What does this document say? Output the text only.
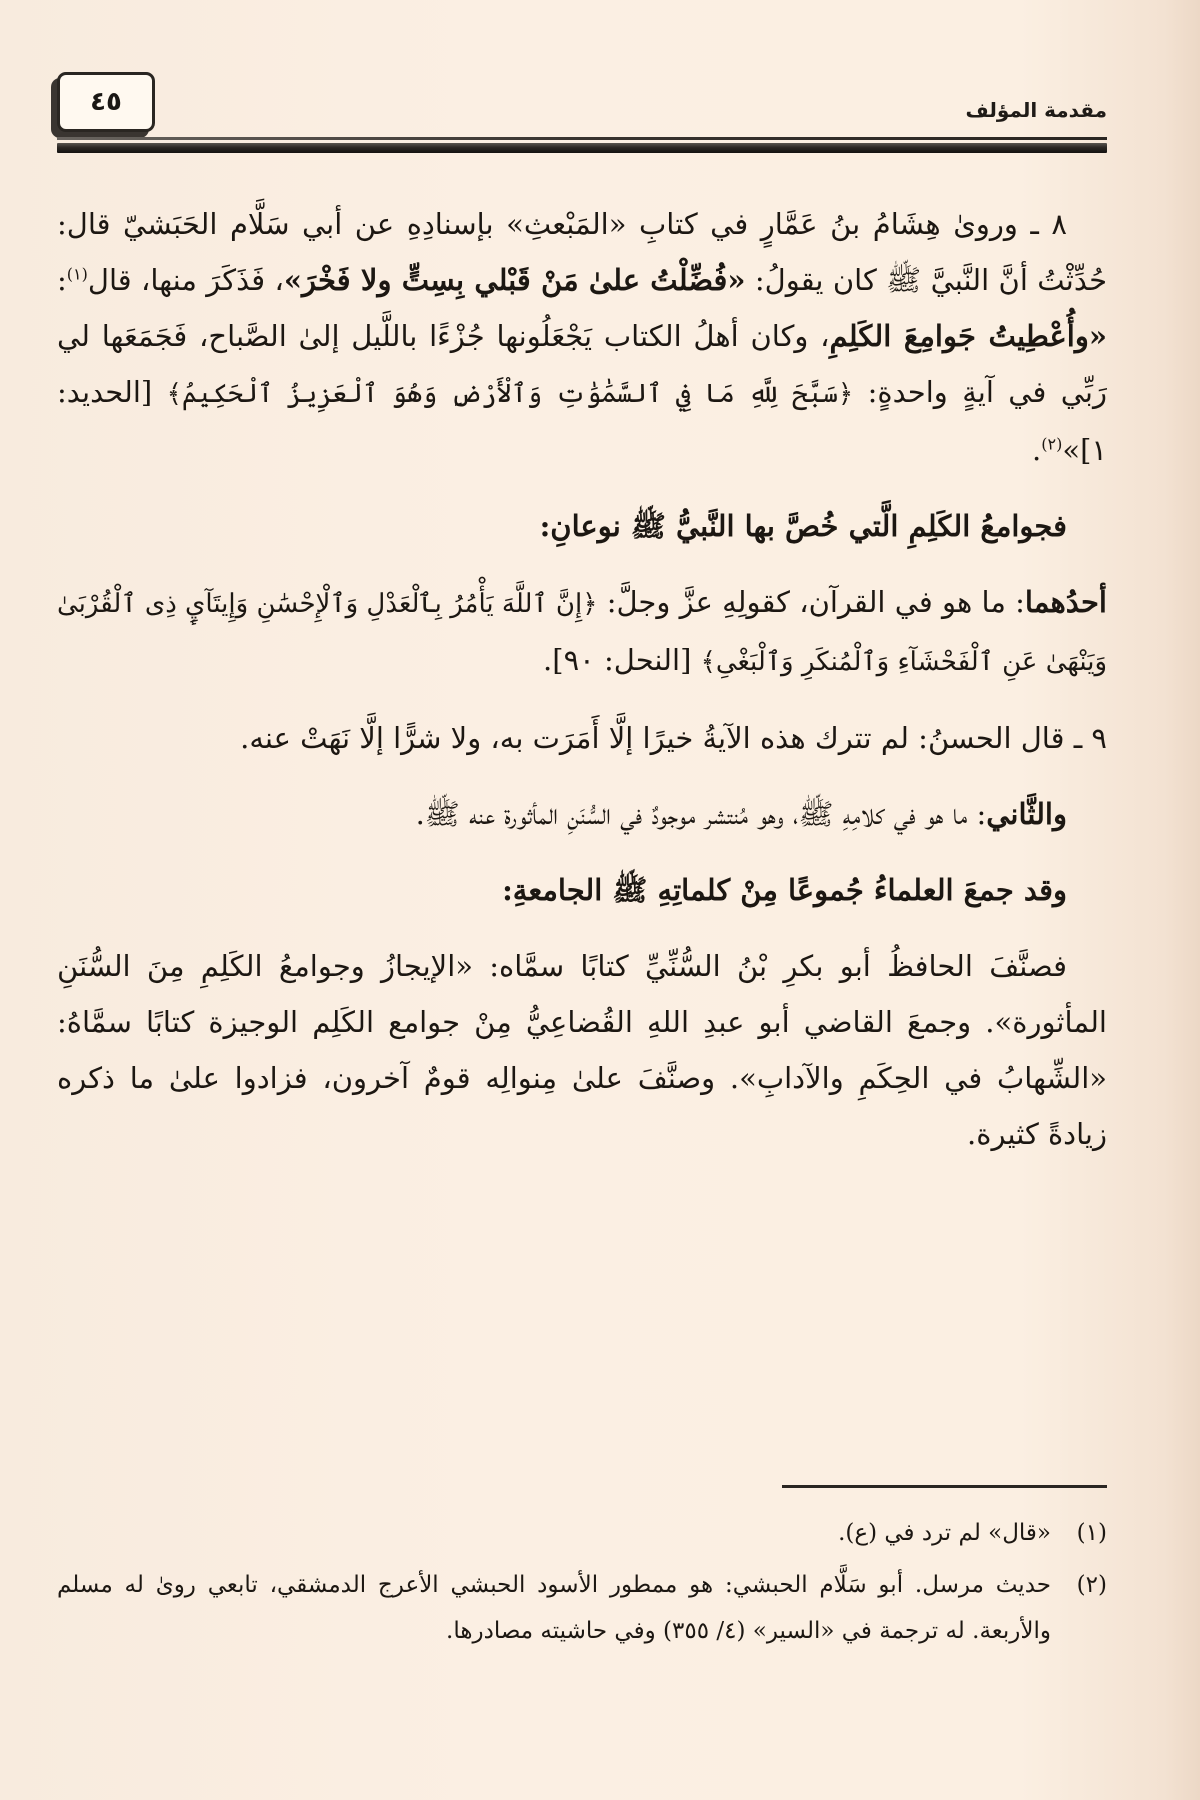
٤٥	مقدمة المؤلف

٨ ـ وروىٰ هِشَامُ بنُ عَمَّارٍ في كتابِ «المَبْعثِ» بإسنادِهِ عن أبي سَلَّام الحَبَشيّ قال: حُدِّثْتُ أنَّ النَّبيَّ ﷺ كان يقولُ: «فُضِّلْتُ علىٰ مَنْ قَبْلي بِسِتٍّ ولا فَخْرَ»، فَذَكَرَ منها، قال$^{(١)}$: «وأُعْطِيتُ جَوامِعَ الكَلِمِ، وكان أهلُ الكتاب يَجْعَلُونها جُزْءًا باللَّيل إلىٰ الصَّباح، فَجَمَعَها لي رَبِّي في آيةٍ واحدةٍ: ﴿سَبَّحَ لِلَّهِ مَا فِي ٱلسَّمَٰوَٰتِ وَٱلْأَرْضِ وَهُوَ ٱلْعَزِيزُ ٱلْحَكِيمُ﴾ [الحديد: ١]»$^{(٢)}$.

فجوامعُ الكَلِمِ الَّتي خُصَّ بها النَّبيُّ ﷺ نوعانِ:

أحدُهما: ما هو في القرآن، كقولِهِ عزَّ وجلَّ: ﴿إِنَّ ٱللَّهَ يَأْمُرُ بِٱلْعَدْلِ وَٱلْإِحْسَٰنِ وَإِيتَآيِٕ ذِى ٱلْقُرْبَىٰ وَيَنْهَىٰ عَنِ ٱلْفَحْشَآءِ وَٱلْمُنكَرِ وَٱلْبَغْىِ﴾ [النحل: ٩٠].

٩ ـ قال الحسنُ: لم تترك هذه الآيةُ خيرًا إلَّا أَمَرَت به، ولا شرًّا إلَّا نَهَتْ عنه.

والثَّاني: ما هو في كلامِهِ ﷺ، وهو مُنتشر موجودٌ في السُّنَنِ المأثورة عنه ﷺ.

وقد جمعَ العلماءُ جُموعًا مِنْ كلماتِهِ ﷺ الجامعةِ:

فصنَّفَ الحافظُ أبو بكرِ بْنُ السُّنِّيِّ كتابًا سمَّاه: «الإيجازُ وجوامعُ الكَلِمِ مِنَ السُّنَنِ المأثورة». وجمعَ القاضي أبو عبدِ اللهِ القُضاعِيُّ مِنْ جوامع الكَلِم الوجيزة كتابًا سمَّاهُ: «الشِّهابُ في الحِكَمِ والآدابِ». وصنَّفَ علىٰ مِنوالِه قومٌ آخرون، فزادوا علىٰ ما ذكره زيادةً كثيرة.

(١)
«قال» لم ترد في (ع).

(٢)
حديث مرسل. أبو سَلَّام الحبشي: هو ممطور الأسود الحبشي الأعرج الدمشقي، تابعي روىٰ له مسلم والأربعة. له ترجمة في «السير» (٤/ ٣٥٥) وفي حاشيته مصادرها.
